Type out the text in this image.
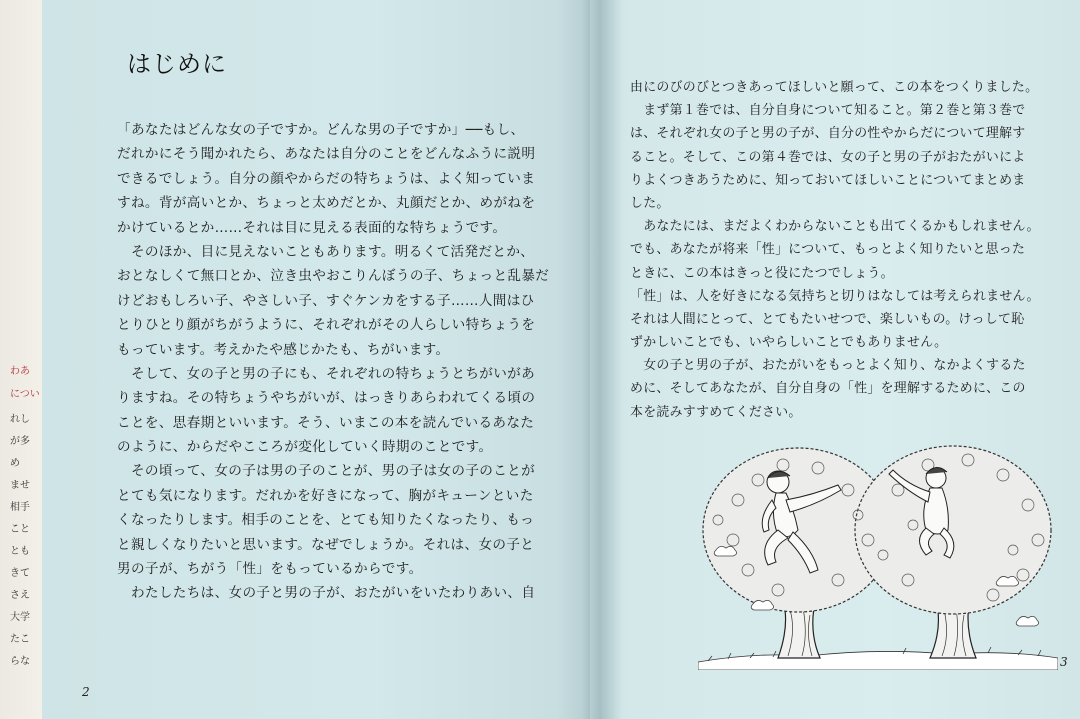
わあ
につい
れし
が多
め
ませ
相手
こと
とも
きて
さえ
大学
たこ
らな
はじめに
「あなたはどんな女の子ですか。どんな男の子ですか」──もし、
だれかにそう聞かれたら、あなたは自分のことをどんなふうに説明
できるでしょう。自分の顔やからだの特ちょうは、よく知っていま
すね。背が高いとか、ちょっと太めだとか、丸顔だとか、めがねを
かけているとか……それは目に見える表面的な特ちょうです。
　そのほか、目に見えないこともあります。明るくて活発だとか、
おとなしくて無口とか、泣き虫やおこりんぼうの子、ちょっと乱暴だ
けどおもしろい子、やさしい子、すぐケンカをする子……人間はひ
とりひとり顔がちがうように、それぞれがその人らしい特ちょうを
もっています。考えかたや感じかたも、ちがいます。
　そして、女の子と男の子にも、それぞれの特ちょうとちがいがあ
りますね。その特ちょうやちがいが、はっきりあらわれてくる頃の
ことを、思春期といいます。そう、いまこの本を読んでいるあなた
のように、からだやこころが変化していく時期のことです。
　その頃って、女の子は男の子のことが、男の子は女の子のことが
とても気になります。だれかを好きになって、胸がキューンといた
くなったりします。相手のことを、とても知りたくなったり、もっ
と親しくなりたいと思います。なぜでしょうか。それは、女の子と
男の子が、ちがう「性」をもっているからです。
　わたしたちは、女の子と男の子が、おたがいをいたわりあい、自
2
由にのびのびとつきあってほしいと願って、この本をつくりました。
　まず第１巻では、自分自身について知ること。第２巻と第３巻で
は、それぞれ女の子と男の子が、自分の性やからだについて理解す
ること。そして、この第４巻では、女の子と男の子がおたがいによ
りよくつきあうために、知っておいてほしいことについてまとめま
した。
　あなたには、まだよくわからないことも出てくるかもしれません。
でも、あなたが将来「性」について、もっとよく知りたいと思った
ときに、この本はきっと役にたつでしょう。
「性」は、人を好きになる気持ちと切りはなしては考えられません。
それは人間にとって、とてもたいせつで、楽しいもの。けっして恥
ずかしいことでも、いやらしいことでもありません。
　女の子と男の子が、おたがいをもっとよく知り、なかよくするた
めに、そしてあなたが、自分自身の「性」を理解するために、この
本を読みすすめてください。
3
